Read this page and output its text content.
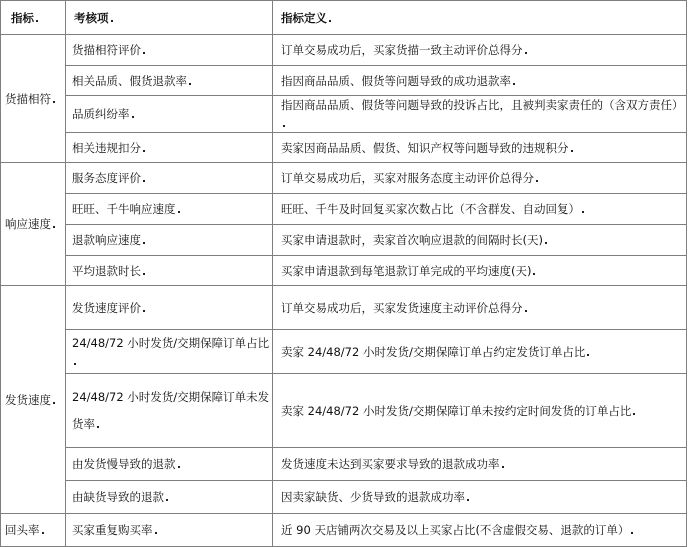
指标	考核项	指标定义
货描相符	货描相符评价	订单交易成功后，买家货描一致主动评价总得分
	相关品质、假货退款率	指因商品品质、假货等问题导致的成功退款率
	品质纠纷率	指因商品品质、假货等问题导致的投诉占比，且被判卖家责任的（含双方责任）
	相关违规扣分	卖家因商品品质、假货、知识产权等问题导致的违规积分
响应速度	服务态度评价	订单交易成功后，买家对服务态度主动评价总得分
	旺旺、千牛响应速度	旺旺、千牛及时回复买家次数占比（不含群发、自动回复）
	退款响应速度	买家申请退款时，卖家首次响应退款的间隔时长(天)
	平均退款时长	买家申请退款到每笔退款订单完成的平均速度(天)
发货速度	发货速度评价	订单交易成功后，买家发货速度主动评价总得分
	24/48/72 小时发货/交期保障订单占比	卖家 24/48/72 小时发货/交期保障订单占约定发货订单占比
	24/48/72 小时发货/交期保障订单未发货率	卖家 24/48/72 小时发货/交期保障订单未按约定时间发货的订单占比
	由发货慢导致的退款	发货速度未达到买家要求导致的退款成功率
	由缺货导致的退款	因卖家缺货、少货导致的退款成功率
回头率	买家重复购买率	近 90 天店铺两次交易及以上买家占比(不含虚假交易、退款的订单）
